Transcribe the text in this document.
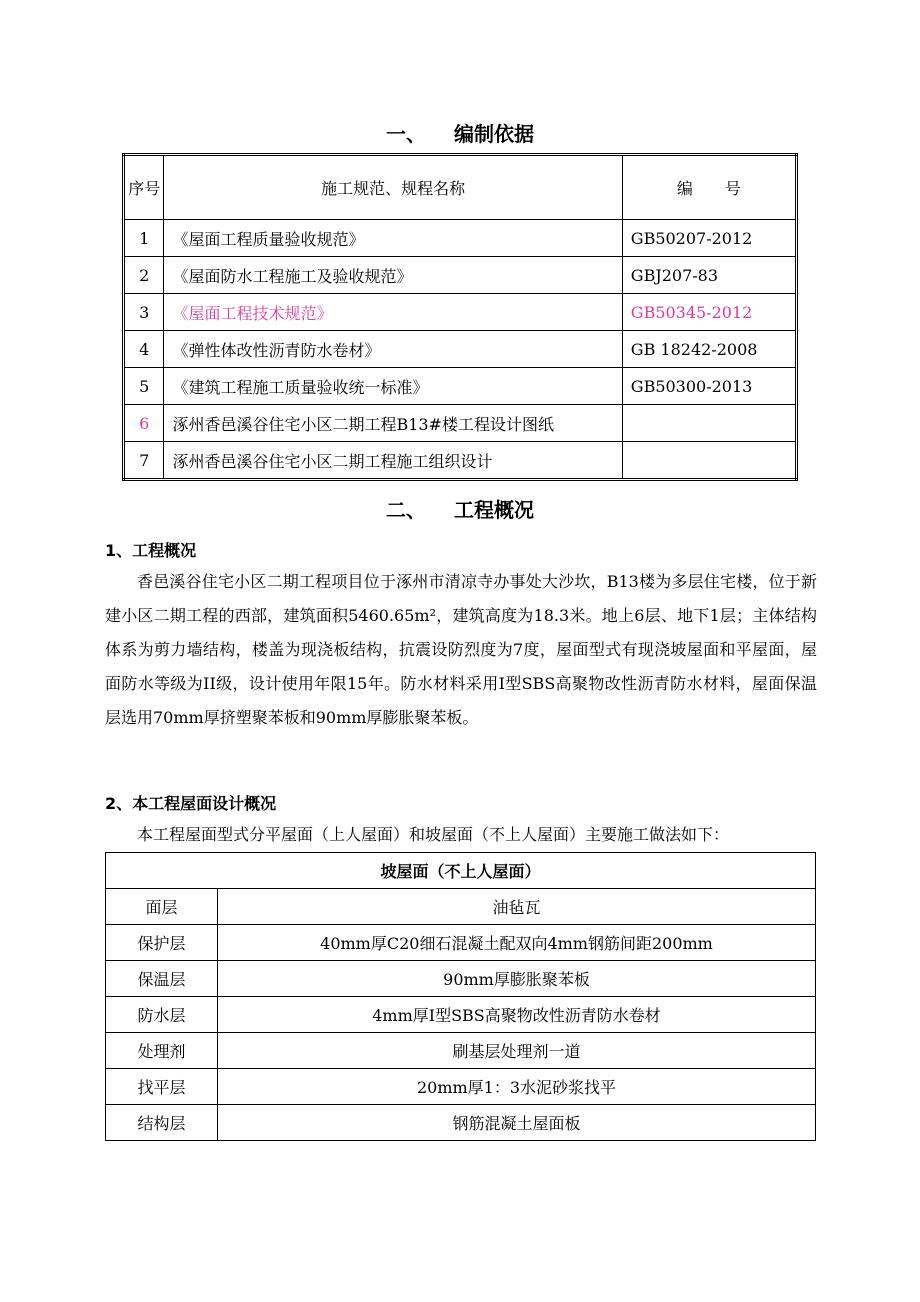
一、 编制依据
序号	施工规范、规程名称	编　　号
1	《屋面工程质量验收规范》	GB50207-2012
2	《屋面防水工程施工及验收规范》	GBJ207-83
3	《屋面工程技术规范》	GB50345-2012
4	《弹性体改性沥青防水卷材》	GB 18242-2008
5	《建筑工程施工质量验收统一标准》	GB50300-2013
6	涿州香邑溪谷住宅小区二期工程B13#楼工程设计图纸	
7	涿州香邑溪谷住宅小区二期工程施工组织设计	
二、 工程概况
1、工程概况

香邑溪谷住宅小区二期工程项目位于涿州市清凉寺办事处大沙坎，B13楼为多层住宅楼，位于新建小区二期工程的西部，建筑面积5460.65m²，建筑高度为18.3米。地上6层、地下1层；主体结构体系为剪力墙结构，楼盖为现浇板结构，抗震设防烈度为7度，屋面型式有现浇坡屋面和平屋面，屋面防水等级为II级，设计使用年限15年。防水材料采用I型SBS高聚物改性沥青防水材料，屋面保温层选用70mm厚挤塑聚苯板和90mm厚膨胀聚苯板。

2、本工程屋面设计概况

本工程屋面型式分平屋面（上人屋面）和坡屋面（不上人屋面）主要施工做法如下：

坡屋面（不上人屋面）	
面层	油毡瓦
保护层	40mm厚C20细石混凝土配双向4mm钢筋间距200mm
保温层	90mm厚膨胀聚苯板
防水层	4mm厚I型SBS高聚物改性沥青防水卷材
处理剂	刷基层处理剂一道
找平层	20mm厚1：3水泥砂浆找平
结构层	钢筋混凝土屋面板
